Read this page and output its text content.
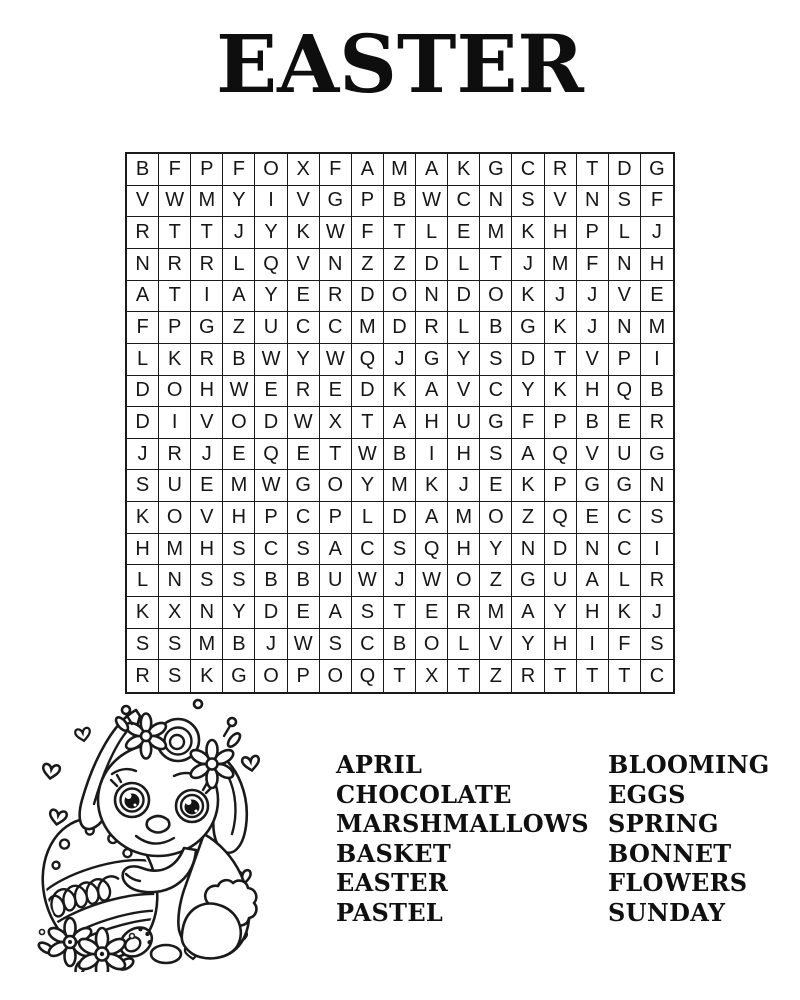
EASTER
B F P F O X F A M A K G C R T D G
V W M Y	I	V G P B W C N S V N S F
R T T	J	Y K W F T	L E M K H P L	J
N R R L Q V N Z Z D L	T	J M F N H
A T	I	A Y E R D O N D O K	J	J	V E
F P G Z U C C M D R L B G K	J N M
L K R B W Y W Q J G Y S D T V P	I
D O H W E R E D K A V C Y K H Q B
D	I	V O D W X T A H U G F P B E R
J R J	E Q E T W B	I	H S A Q V U G
S U E M W G O Y M K	J	E K P G G N
K O V H P C P L D A M O Z Q E C S
H M H S C S A C S Q H Y N D N C	I
L N S S B B U W J W O Z G U A L R
K X N Y D E A S T E R M A Y H K	J
S S M B	J W S C B O L V Y H	I	F S
R S K G O P O Q T X T Z R T T T C
APRIL
CHOCOLATE
MARSHMALLOWS
BASKET
EASTER
PASTEL
BLOOMING
EGGS
SPRING
BONNET
FLOWERS
SUNDAY
